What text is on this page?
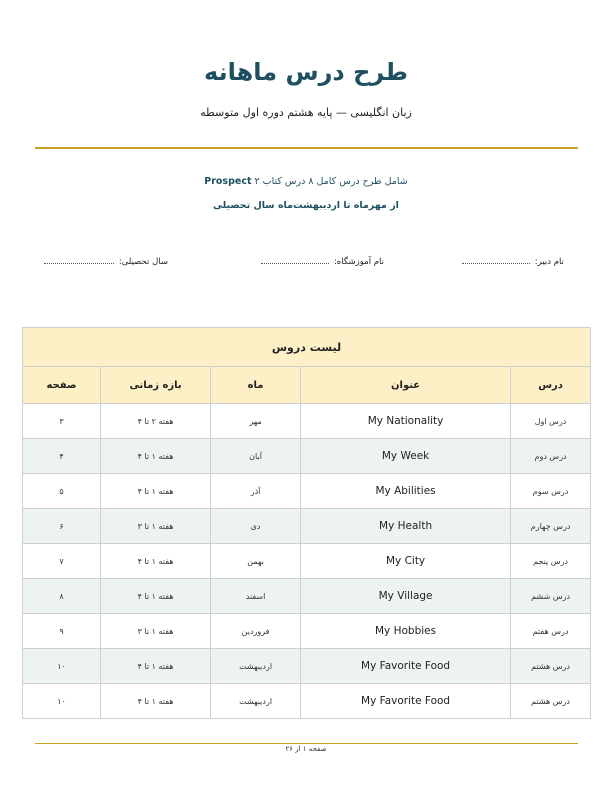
طرح درس ماهانه
زبان انگلیسی — پایه هشتم دوره اول متوسطه
شامل طرح درس کامل ۸ درس کتاب ۲ Prospect
از مهرماه تا اردیبهشت‌ماه سال تحصیلی
نام دبیر:
نام آموزشگاه:
سال تحصیلی:
لیست دروس				
درس	عنوان	ماه	بازه زمانی	صفحه
درس اول	My Nationality	مهر	هفته ۲ تا ۴	۳
درس دوم	My Week	آبان	هفته ۱ تا ۴	۴
درس سوم	My Abilities	آذر	هفته ۱ تا ۴	۵
درس چهارم	My Health	دی	هفته ۱ تا ۳	۶
درس پنجم	My City	بهمن	هفته ۱ تا ۴	۷
درس ششم	My Village	اسفند	هفته ۱ تا ۴	۸
درس هفتم	My Hobbies	فروردین	هفته ۱ تا ۳	۹
درس هشتم	My Favorite Food	اردیبهشت	هفته ۱ تا ۴	۱۰
درس هشتم	My Favorite Food	اردیبهشت	هفته ۱ تا ۴	۱۰
صفحه ۱ از ۲۶
